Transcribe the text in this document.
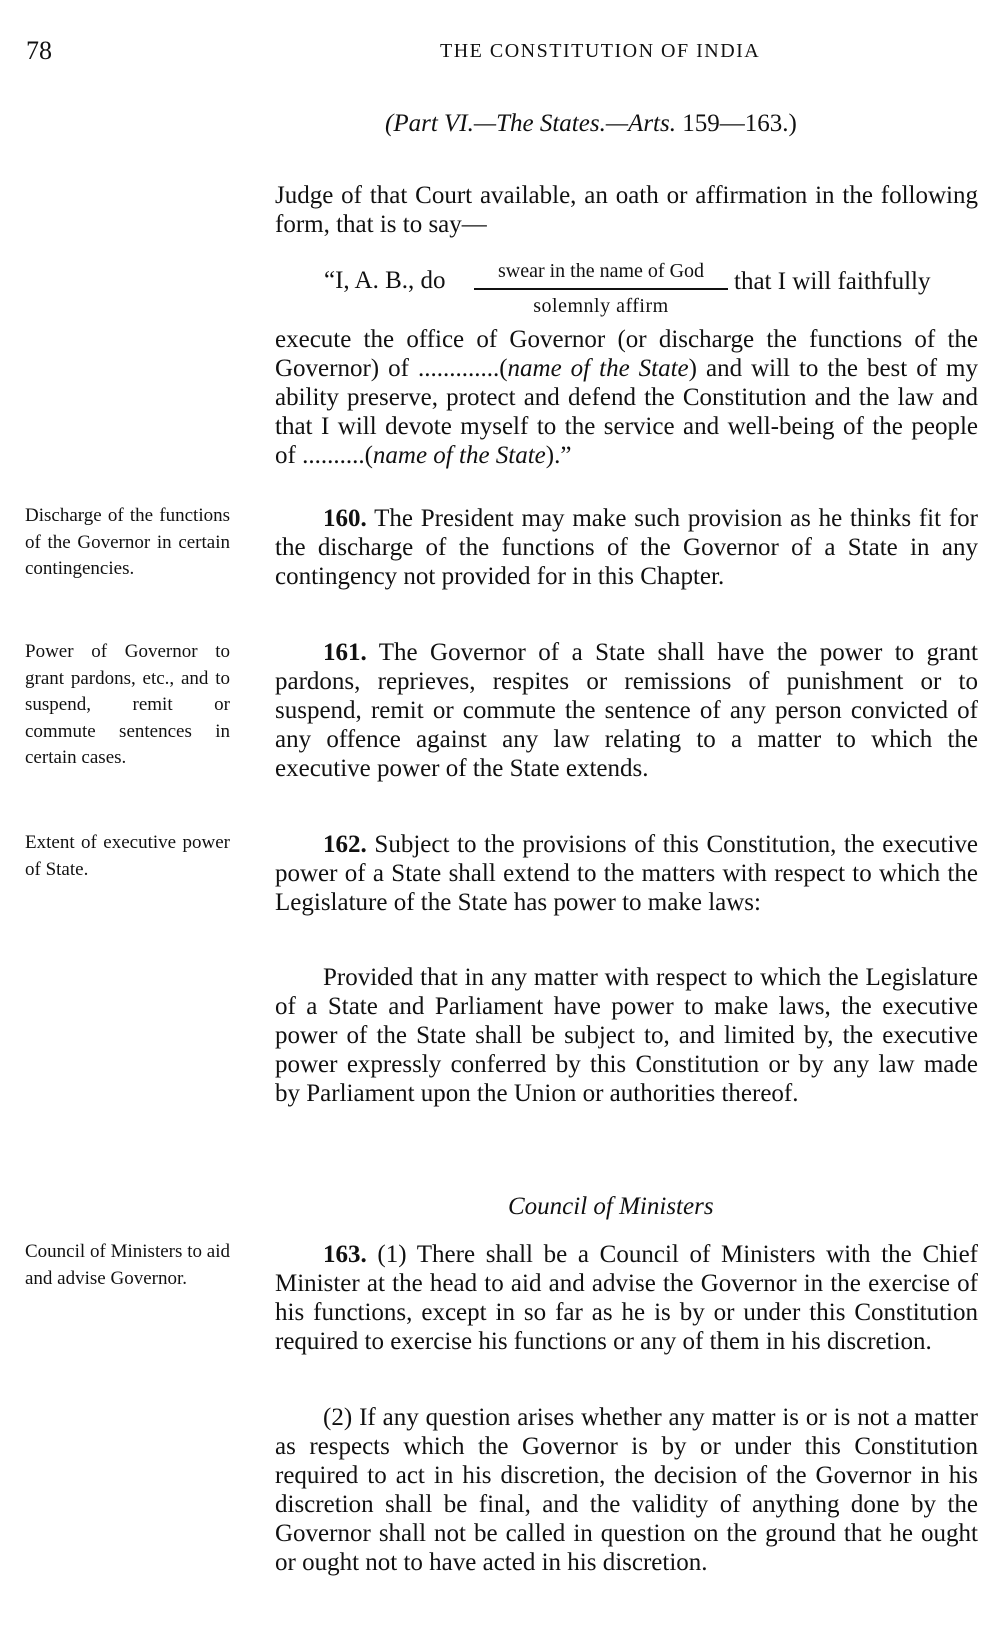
78	THE CONSTITUTION OF INDIA
(Part VI.—The States.—Arts. 159—163.)
Judge of that Court available, an oath or affirmation in the following form, that is to say—
“I, A. B., do	swear in the name of God
solemnly affirm
that I will faithfully
execute the office of Governor (or discharge the functions of the Governor) of .............(name of the State) and will to the best of my ability preserve, protect and defend the Constitution and the law and that I will devote myself to the service and well-being of the people of ..........(name of the State).”
Discharge of the functions of the Governor in certain contingencies.
160. The President may make such provision as he thinks fit for the discharge of the functions of the Governor of a State in any contingency not provided for in this Chapter.
Power of Governor to grant pardons, etc., and to suspend, remit or commute sentences in certain cases.
161. The Governor of a State shall have the power to grant pardons, reprieves, respites or remissions of punishment or to suspend, remit or commute the sentence of any person convicted of any offence against any law relating to a matter to which the executive power of the State extends.
Extent of executive power of State.
162. Subject to the provisions of this Constitution, the executive power of a State shall extend to the matters with respect to which the Legislature of the State has power to make laws:
Provided that in any matter with respect to which the Legislature of a State and Parliament have power to make laws, the executive power of the State shall be subject to, and limited by, the executive power expressly conferred by this Constitution or by any law made by Parliament upon the Union or authorities thereof.
Council of Ministers
Council of Ministers to aid and advise Governor.
163. (1) There shall be a Council of Ministers with the Chief Minister at the head to aid and advise the Governor in the exercise of his functions, except in so far as he is by or under this Constitution required to exercise his functions or any of them in his discretion.
(2) If any question arises whether any matter is or is not a matter as respects which the Governor is by or under this Constitution required to act in his discretion, the decision of the Governor in his discretion shall be final, and the validity of anything done by the Governor shall not be called in question on the ground that he ought or ought not to have acted in his discretion.
